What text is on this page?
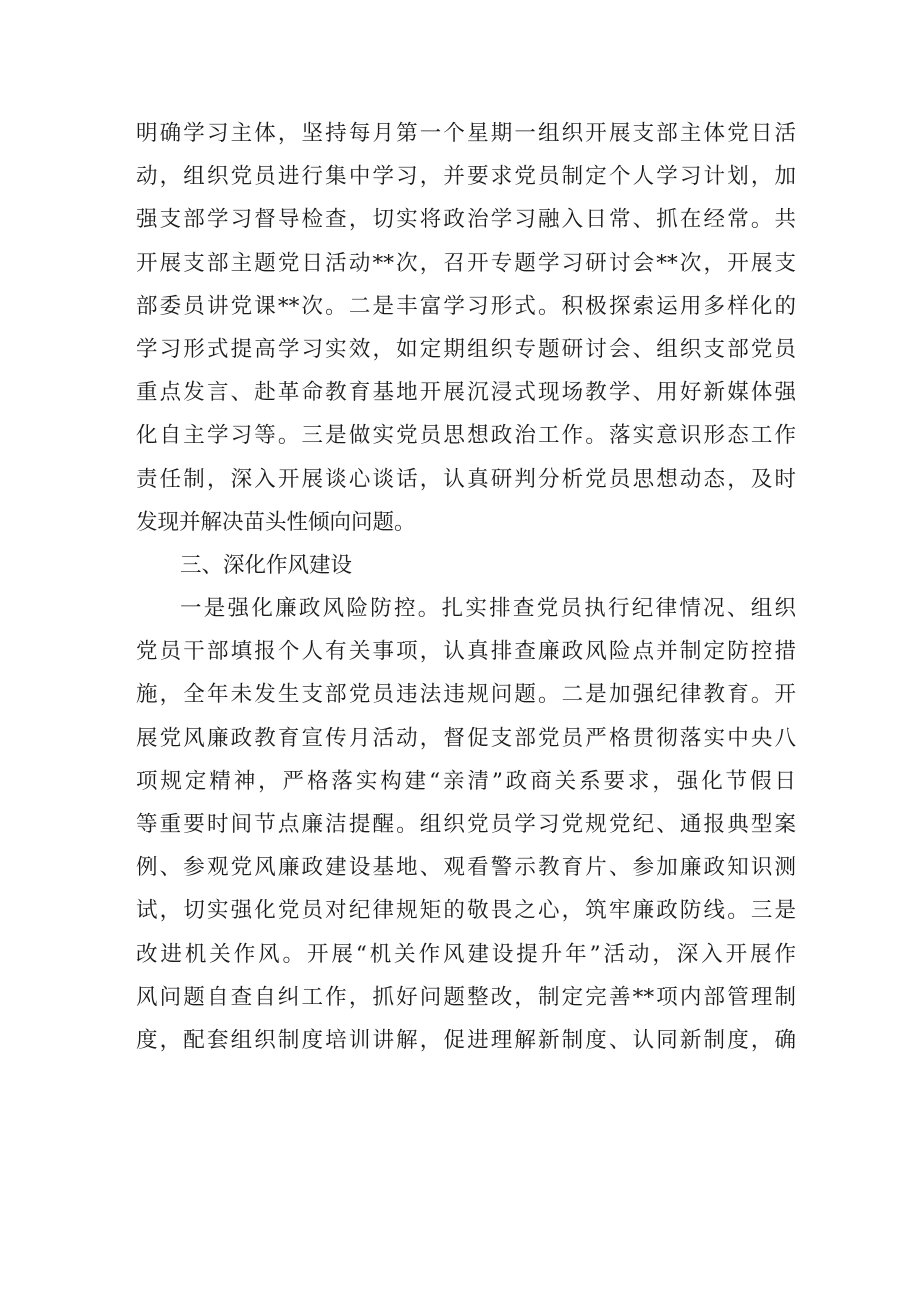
明确学习主体，坚持每月第一个星期一组织开展支部主体党日活
动，组织党员进行集中学习，并要求党员制定个人学习计划，加
强支部学习督导检查，切实将政治学习融入日常、抓在经常。共
开展支部主题党日活动**次，召开专题学习研讨会**次，开展支
部委员讲党课**次。二是丰富学习形式。积极探索运用多样化的
学习形式提高学习实效，如定期组织专题研讨会、组织支部党员
重点发言、赴革命教育基地开展沉浸式现场教学、用好新媒体强
化自主学习等。三是做实党员思想政治工作。落实意识形态工作
责任制，深入开展谈心谈话，认真研判分析党员思想动态，及时
发现并解决苗头性倾向问题。
三、深化作风建设
一是强化廉政风险防控。扎实排查党员执行纪律情况、组织
党员干部填报个人有关事项，认真排查廉政风险点并制定防控措
施，全年未发生支部党员违法违规问题。二是加强纪律教育。开
展党风廉政教育宣传月活动，督促支部党员严格贯彻落实中央八
项规定精神，严格落实构建“亲清”政商关系要求，强化节假日
等重要时间节点廉洁提醒。组织党员学习党规党纪、通报典型案
例、参观党风廉政建设基地、观看警示教育片、参加廉政知识测
试，切实强化党员对纪律规矩的敬畏之心，筑牢廉政防线。三是
改进机关作风。开展“机关作风建设提升年”活动，深入开展作
风问题自查自纠工作，抓好问题整改，制定完善**项内部管理制
度，配套组织制度培训讲解，促进理解新制度、认同新制度，确
